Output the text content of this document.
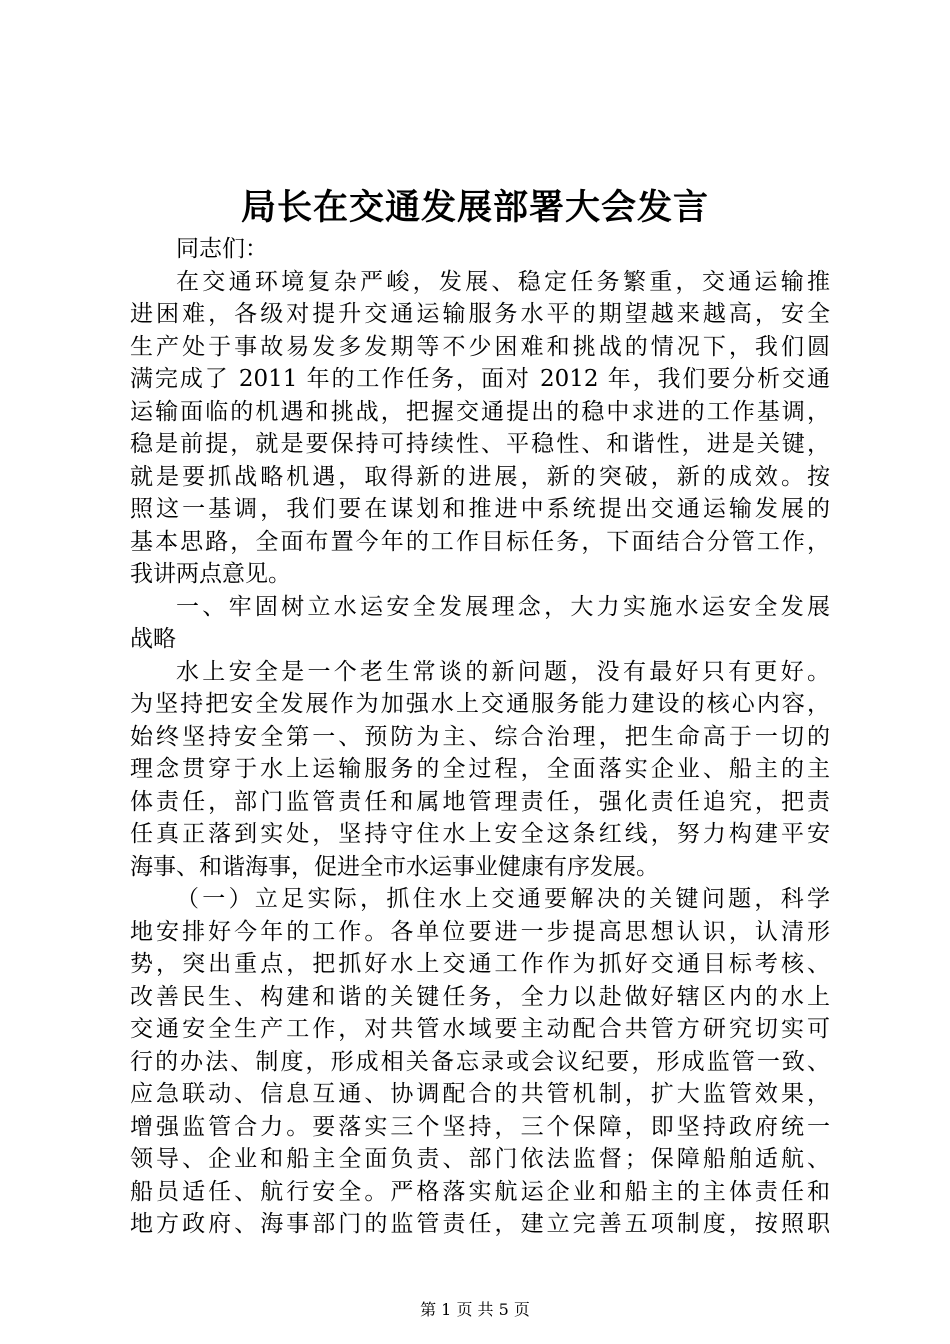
局长在交通发展部署大会发言
同志们：
在交通环境复杂严峻，发展、稳定任务繁重，交通运输推
进困难，各级对提升交通运输服务水平的期望越来越高，安全
生产处于事故易发多发期等不少困难和挑战的情况下，我们圆
满完成了 2011 年的工作任务，面对 2012 年，我们要分析交通
运输面临的机遇和挑战，把握交通提出的稳中求进的工作基调，
稳是前提，就是要保持可持续性、平稳性、和谐性，进是关键，
就是要抓战略机遇，取得新的进展，新的突破，新的成效。按
照这一基调，我们要在谋划和推进中系统提出交通运输发展的
基本思路，全面布置今年的工作目标任务，下面结合分管工作，
我讲两点意见。
一、牢固树立水运安全发展理念，大力实施水运安全发展
战略
水上安全是一个老生常谈的新问题，没有最好只有更好。
为坚持把安全发展作为加强水上交通服务能力建设的核心内容，
始终坚持安全第一、预防为主、综合治理，把生命高于一切的
理念贯穿于水上运输服务的全过程，全面落实企业、船主的主
体责任，部门监管责任和属地管理责任，强化责任追究，把责
任真正落到实处，坚持守住水上安全这条红线，努力构建平安
海事、和谐海事，促进全市水运事业健康有序发展。
（一）立足实际，抓住水上交通要解决的关键问题，科学
地安排好今年的工作。各单位要进一步提高思想认识，认清形
势，突出重点，把抓好水上交通工作作为抓好交通目标考核、
改善民生、构建和谐的关键任务，全力以赴做好辖区内的水上
交通安全生产工作，对共管水域要主动配合共管方研究切实可
行的办法、制度，形成相关备忘录或会议纪要，形成监管一致、
应急联动、信息互通、协调配合的共管机制，扩大监管效果，
增强监管合力。要落实三个坚持，三个保障，即坚持政府统一
领导、企业和船主全面负责、部门依法监督；保障船舶适航、
船员适任、航行安全。严格落实航运企业和船主的主体责任和
地方政府、海事部门的监管责任，建立完善五项制度，按照职
第 1 页 共 5 页
